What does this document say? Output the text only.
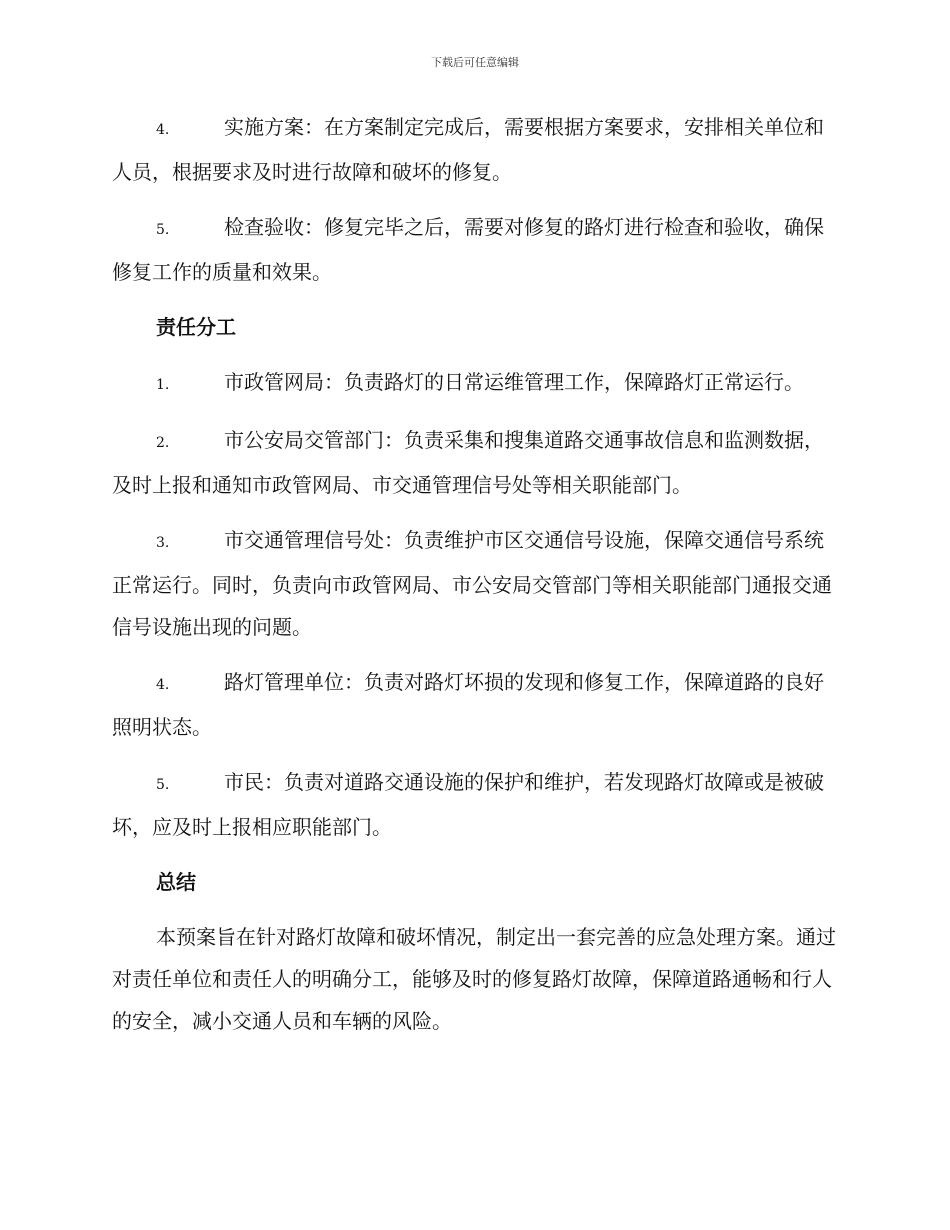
下载后可任意编辑

4.	实施方案：在方案制定完成后，需要根据方案要求，安排相关单位和人员，根据要求及时进行故障和破坏的修复。

5.	检查验收：修复完毕之后，需要对修复的路灯进行检查和验收，确保修复工作的质量和效果。

责任分工

1.	市政管网局：负责路灯的日常运维管理工作，保障路灯正常运行。

2.	市公安局交管部门：负责采集和搜集道路交通事故信息和监测数据，及时上报和通知市政管网局、市交通管理信号处等相关职能部门。

3.	市交通管理信号处：负责维护市区交通信号设施，保障交通信号系统正常运行。同时，负责向市政管网局、市公安局交管部门等相关职能部门通报交通信号设施出现的问题。

4.	路灯管理单位：负责对路灯坏损的发现和修复工作，保障道路的良好照明状态。

5.	市民：负责对道路交通设施的保护和维护，若发现路灯故障或是被破坏，应及时上报相应职能部门。

总结

本预案旨在针对路灯故障和破坏情况，制定出一套完善的应急处理方案。通过对责任单位和责任人的明确分工，能够及时的修复路灯故障，保障道路通畅和行人的安全，减小交通人员和车辆的风险。
